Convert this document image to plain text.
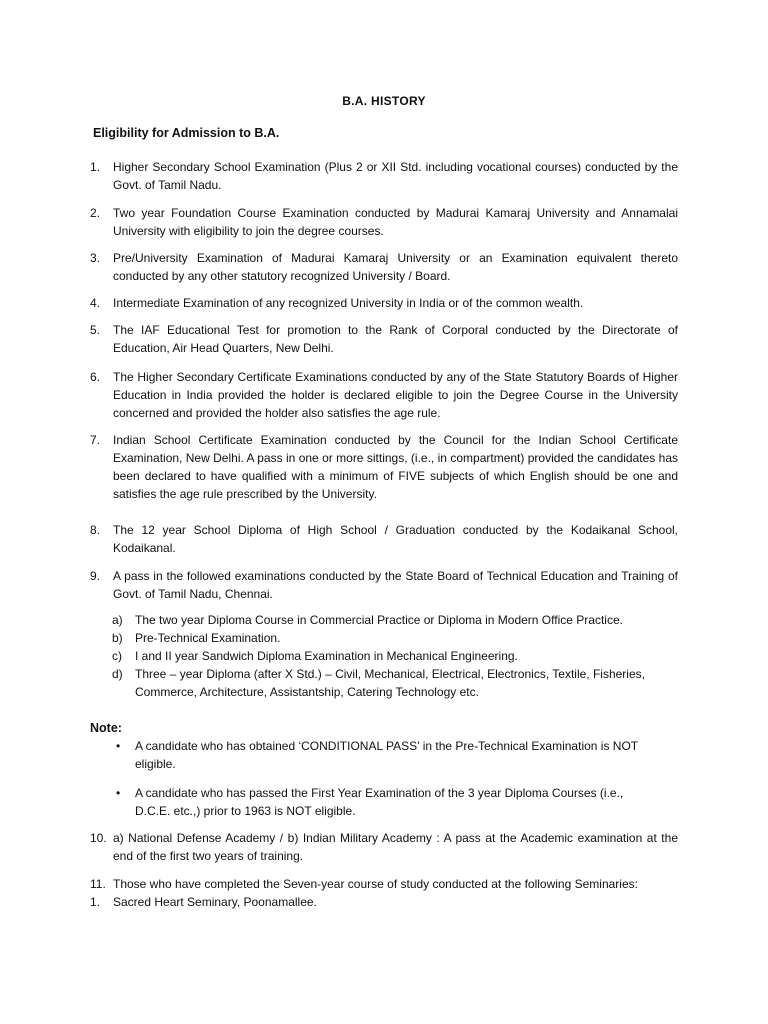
B.A. HISTORY
Eligibility for Admission to B.A.
1.	Higher Secondary School Examination (Plus 2 or XII Std. including vocational courses) conducted by the Govt. of Tamil Nadu.
2.	Two year Foundation Course Examination conducted by Madurai Kamaraj University and Annamalai University with eligibility to join the degree courses.
3.	Pre/University Examination of Madurai Kamaraj University or an Examination equivalent thereto conducted by any other statutory recognized University / Board.
4.	Intermediate Examination of any recognized University in India or of the common wealth.
5.	The IAF Educational Test for promotion to the Rank of Corporal conducted by the Directorate of Education, Air Head Quarters, New Delhi.
6.	The Higher Secondary Certificate Examinations conducted by any of the State Statutory Boards of Higher Education in India provided the holder is declared eligible to join the Degree Course in the University concerned and provided the holder also satisfies the age rule.
7.	Indian School Certificate Examination conducted by the Council for the Indian School Certificate Examination, New Delhi. A pass in one or more sittings, (i.e., in compartment) provided the candidates has been declared to have qualified with a minimum of FIVE subjects of which English should be one and satisfies the age rule prescribed by the University.
8.	The 12 year School Diploma of High School / Graduation conducted by the Kodaikanal School, Kodaikanal.
9.	A pass in the followed examinations conducted by the State Board of Technical Education and Training of Govt. of Tamil Nadu, Chennai.
a) The two year Diploma Course in Commercial Practice or Diploma in Modern Office Practice.
b) Pre-Technical Examination.
c) I and II year Sandwich Diploma Examination in Mechanical Engineering.
d) Three – year Diploma (after X Std.) – Civil, Mechanical, Electrical, Electronics, Textile, Fisheries, Commerce, Architecture, Assistantship, Catering Technology etc.
Note:
• A candidate who has obtained ‘CONDITIONAL PASS’ in the Pre-Technical Examination is NOT eligible.
• A candidate who has passed the First Year Examination of the 3 year Diploma Courses (i.e., D.C.E. etc.,) prior to 1963 is NOT eligible.
10. a) National Defense Academy / b) Indian Military Academy : A pass at the Academic examination at the end of the first two years of training.
11. Those who have completed the Seven-year course of study conducted at the following Seminaries:
1.	Sacred Heart Seminary, Poonamallee.
